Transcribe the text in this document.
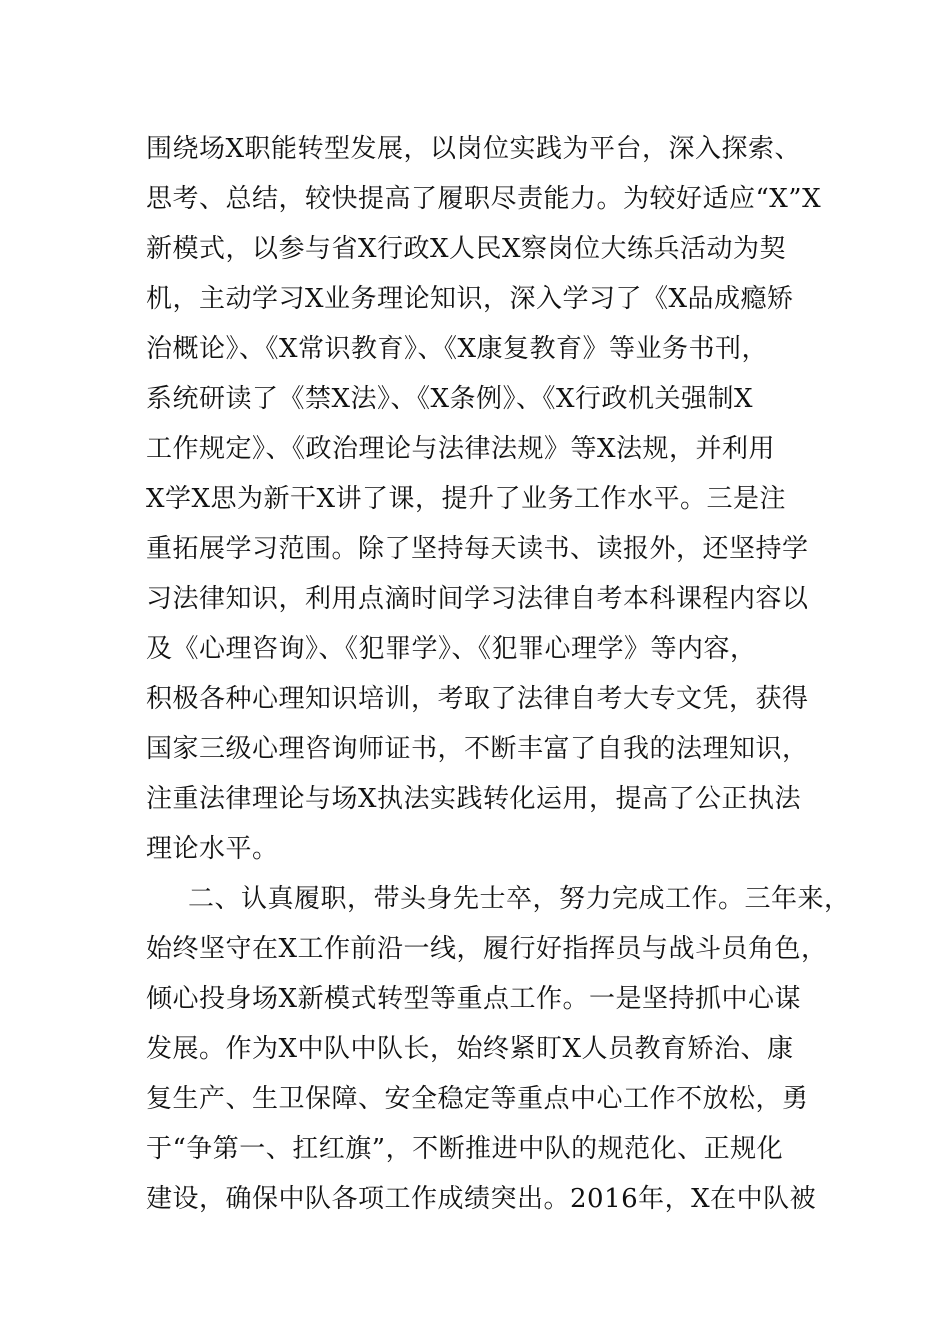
围绕场X职能转型发展，以岗位实践为平台，深入探索、
思考、总结，较快提高了履职尽责能力。为较好适应“X”X
新模式，以参与省X行政X人民X察岗位大练兵活动为契
机，主动学习X业务理论知识，深入学习了《X品成瘾矫
治概论》、《X常识教育》、《X康复教育》等业务书刊，
系统研读了《禁X法》、《X条例》、《X行政机关强制X
工作规定》、《政治理论与法律法规》等X法规，并利用
X学X思为新干X讲了课，提升了业务工作水平。三是注
重拓展学习范围。除了坚持每天读书、读报外，还坚持学
习法律知识，利用点滴时间学习法律自考本科课程内容以
及《心理咨询》、《犯罪学》、《犯罪心理学》等内容，
积极各种心理知识培训，考取了法律自考大专文凭，获得
国家三级心理咨询师证书，不断丰富了自我的法理知识，
注重法律理论与场X执法实践转化运用，提高了公正执法
理论水平。
二、认真履职，带头身先士卒，努力完成工作。三年来，
始终坚守在X工作前沿一线，履行好指挥员与战斗员角色，
倾心投身场X新模式转型等重点工作。一是坚持抓中心谋
发展。作为X中队中队长，始终紧盯X人员教育矫治、康
复生产、生卫保障、安全稳定等重点中心工作不放松，勇
于“争第一、扛红旗”，不断推进中队的规范化、正规化
建设，确保中队各项工作成绩突出。2016年，X在中队被
